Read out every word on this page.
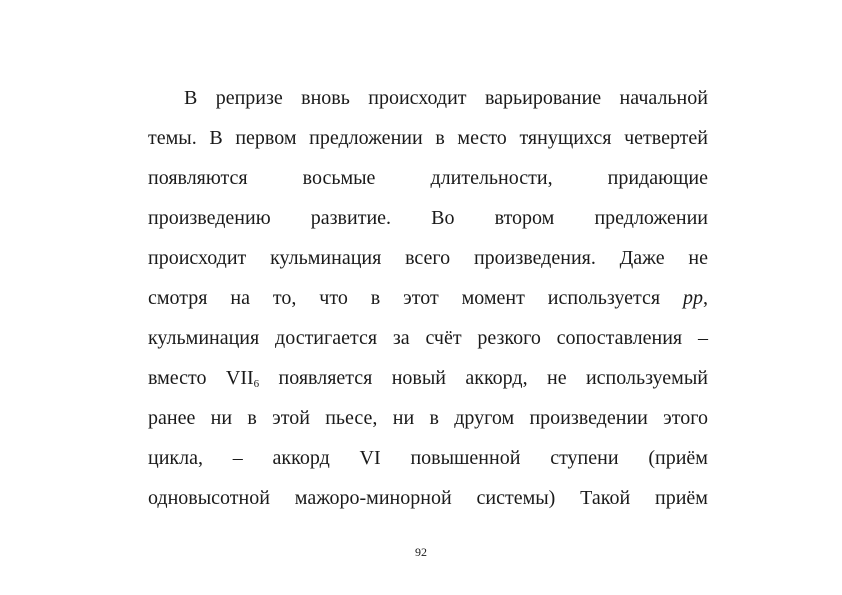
В репризе вновь происходит варьирование начальной
темы. В первом предложении в место тянущихся четвертей
появляются	восьмые	длительности,	придающие
произведению развитие. Во втором предложении
происходит кульминация всего произведения. Даже не
смотря на то, что в этот момент используется pp,
кульминация достигается за счёт резкого сопоставления –
вместо $VII_6$ появляется новый аккорд, не используемый
ранее ни в этой пьесе, ни в другом произведении этого
цикла, – аккорд VI повышенной ступени (приём
одновысотной мажоро-минорной системы) Такой приём
92
